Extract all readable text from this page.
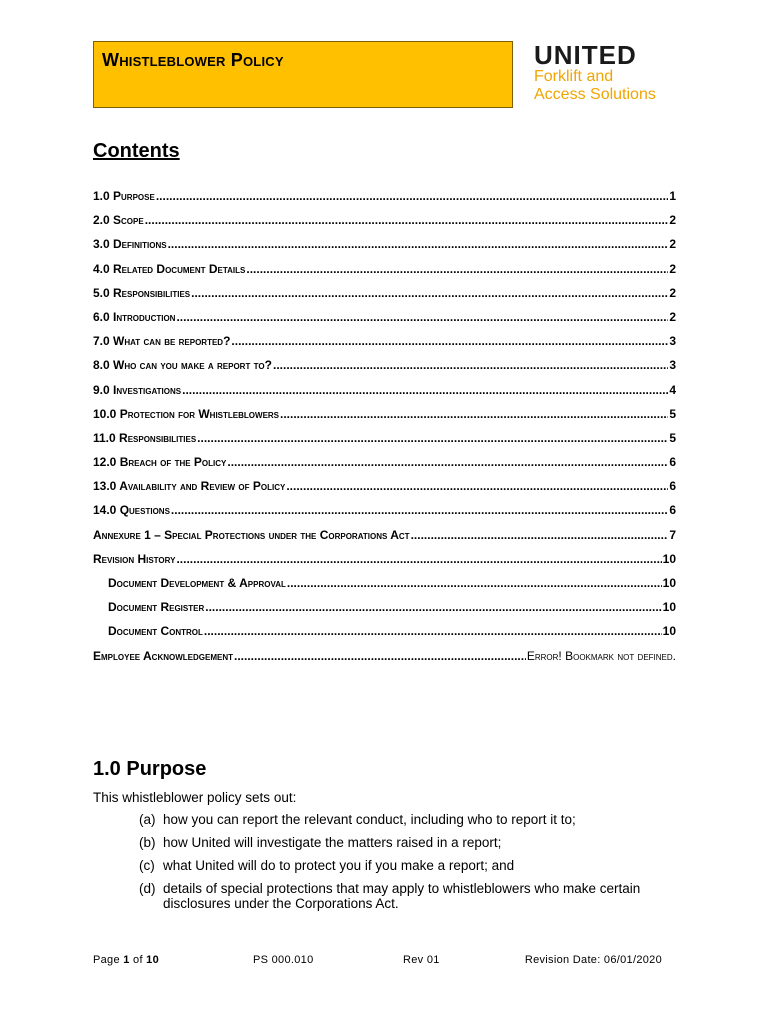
Whistleblower Policy	UNITED
Forklift and
Access Solutions
Contents
1.0 Purpose .....	1
2.0 Scope .....	2
3.0 Definitions .....	2
4.0 Related Document Details .....	2
5.0 Responsibilities .....	2
6.0 Introduction .....	2
7.0 What can be reported? .....	3
8.0 Who can you make a report to? .....	3
9.0 Investigations .....	4
10.0 Protection for Whistleblowers .....	5
11.0 Responsibilities .....	5
12.0 Breach of the Policy .....	6
13.0 Availability and Review of Policy .....	6
14.0 Questions .....	6
Annexure 1 – Special Protections under the Corporations Act .....	7
Revision History .....	10
Document Development & Approval .....	10
Document Register .....	10
Document Control .....	10
Employee Acknowledgement .....	Error! Bookmark not defined.
1.0 Purpose
This whistleblower policy sets out:
(a) how you can report the relevant conduct, including who to report it to;
(b) how United will investigate the matters raised in a report;
(c) what United will do to protect you if you make a report; and
(d) details of special protections that may apply to whistleblowers who make certain disclosures under the Corporations Act.
Page 1 of 10	PS 000.010	Rev 01	Revision Date: 06/01/2020
